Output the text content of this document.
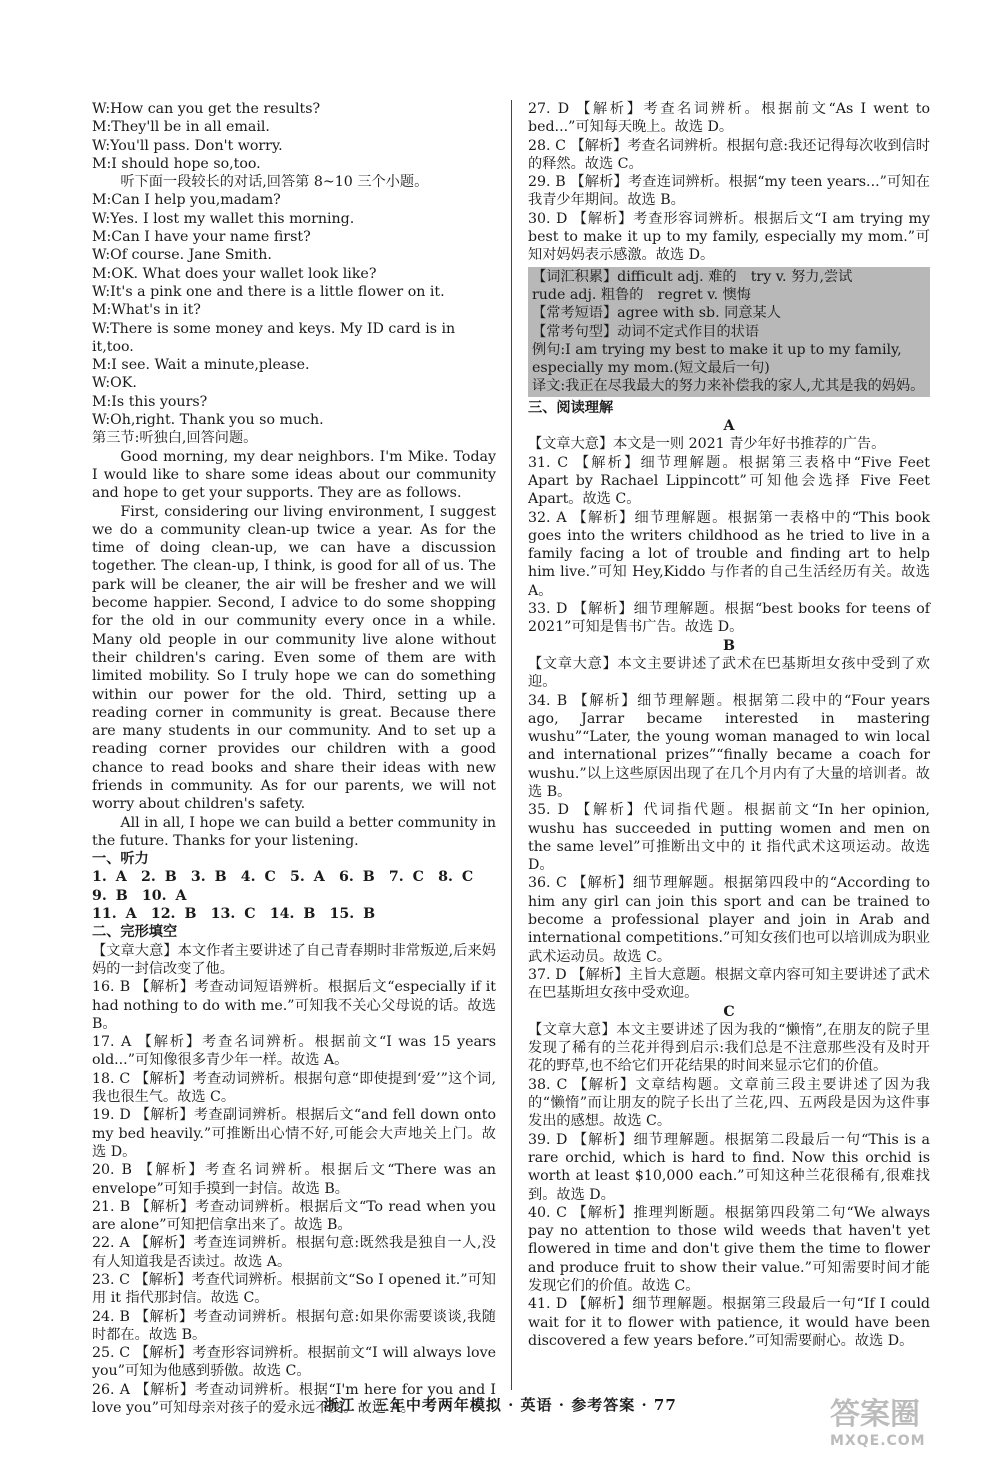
W:How can you get the results?

M:They'll be in all email.

W:You'll pass. Don't worry.

M:I should hope so,too.

听下面一段较长的对话,回答第 8~10 三个小题。

M:Can I help you,madam?

W:Yes. I lost my wallet this morning.

M:Can I have your name first?

W:Of course. Jane Smith.

M:OK. What does your wallet look like?

W:It's a pink one and there is a little flower on it.

M:What's in it?

W:There is some money and keys. My ID card is in it,too.

M:I see. Wait a minute,please.

W:OK.

M:Is this yours?

W:Oh,right. Thank you so much.

第三节:听独白,回答问题。

Good morning, my dear neighbors. I'm Mike. Today I would like to share some ideas about our community and hope to get your supports. They are as follows.

First, considering our living environment, I suggest we do a community clean-up twice a year. As for the time of doing clean-up, we can have a discussion together. The clean-up, I think, is good for all of us. The park will be cleaner, the air will be fresher and we will become happier. Second, I advice to do some shopping for the old in our community every once in a while. Many old people in our community live alone without their children's caring. Even some of them are with limited mobility. So I truly hope we can do something within our power for the old. Third, setting up a reading corner in community is great. Because there are many students in our community. And to set up a reading corner provides our children with a good chance to read books and share their ideas with new friends in community. As for our parents, we will not worry about children's safety.

All in all, I hope we can build a better community in the future. Thanks for your listening.

一、听力

1. A　2. B　3. B　4. C　5. A　6. B　7. C　8. C　9. B　10. A

11. A　12. B　13. C　14. B　15. B

二、完形填空

【文章大意】本文作者主要讲述了自己青春期时非常叛逆,后来妈妈的一封信改变了他。

16. B 【解析】考查动词短语辨析。根据后文“especially if it had nothing to do with me.”可知我不关心父母说的话。故选 B。

17. A 【解析】考查名词辨析。根据前文“I was 15 years old...”可知像很多青少年一样。故选 A。

18. C 【解析】考查动词辨析。根据句意“即使提到‘爱’”这个词,我也很生气。故选 C。

19. D 【解析】考查副词辨析。根据后文“and fell down onto my bed heavily.”可推断出心情不好,可能会大声地关上门。故选 D。

20. B 【解析】考查名词辨析。根据后文“There was an envelope”可知手摸到一封信。故选 B。

21. B 【解析】考查动词辨析。根据后文“To read when you are alone”可知把信拿出来了。故选 B。

22. A 【解析】考查连词辨析。根据句意:既然我是独自一人,没有人知道我是否读过。故选 A。

23. C 【解析】考查代词辨析。根据前文“So I opened it.”可知用 it 指代那封信。故选 C。

24. B 【解析】考查动词辨析。根据句意:如果你需要谈谈,我随时都在。故选 B。

25. C 【解析】考查形容词辨析。根据前文“I will always love you”可知为他感到骄傲。故选 C。

26. A 【解析】考查动词辨析。根据“I'm here for you and I love you”可知母亲对孩子的爱永远不变。故选 A。

27. D 【解析】考查名词辨析。根据前文“As I went to bed...”可知每天晚上。故选 D。

28. C 【解析】考查名词辨析。根据句意:我还记得每次收到信时的释然。故选 C。

29. B 【解析】考查连词辨析。根据“my teen years...”可知在我青少年期间。故选 B。

30. D 【解析】考查形容词辨析。根据后文“I am trying my best to make it up to my family, especially my mom.”可知对妈妈表示感激。故选 D。

【词汇积累】difficult adj. 难的　try v. 努力,尝试

rude adj. 粗鲁的　regret v. 懊悔

【常考短语】agree with sb. 同意某人

【常考句型】动词不定式作目的状语

例句:I am trying my best to make it up to my family, especially my mom.(短文最后一句)

译文:我正在尽我最大的努力来补偿我的家人,尤其是我的妈妈。

三、阅读理解

A

【文章大意】本文是一则 2021 青少年好书推荐的广告。

31. C 【解析】细节理解题。根据第三表格中“Five Feet Apart by Rachael Lippincott”可知他会选择 Five Feet Apart。故选 C。

32. A 【解析】细节理解题。根据第一表格中的“This book goes into the writers childhood as he tried to live in a family facing a lot of trouble and finding art to help him live.”可知 Hey,Kiddo 与作者的自己生活经历有关。故选 A。

33. D 【解析】细节理解题。根据“best books for teens of 2021”可知是售书广告。故选 D。

B

【文章大意】本文主要讲述了武术在巴基斯坦女孩中受到了欢迎。

34. B 【解析】细节理解题。根据第二段中的“Four years ago, Jarrar became interested in mastering wushu”“Later, the young woman managed to win local and international prizes”“finally became a coach for wushu.”以上这些原因出现了在几个月内有了大量的培训者。故选 B。

35. D 【解析】代词指代题。根据前文“In her opinion, wushu has succeeded in putting women and men on the same level”可推断出文中的 it 指代武术这项运动。故选 D。

36. C 【解析】细节理解题。根据第四段中的“According to him any girl can join this sport and can be trained to become a professional player and join in Arab and international competitions.”可知女孩们也可以培训成为职业武术运动员。故选 C。

37. D 【解析】主旨大意题。根据文章内容可知主要讲述了武术在巴基斯坦女孩中受欢迎。

C

【文章大意】本文主要讲述了因为我的“懒惰”,在朋友的院子里发现了稀有的兰花并得到启示:我们总是不注意那些没有及时开花的野草,也不给它们开花结果的时间来显示它们的价值。

38. C 【解析】文章结构题。文章前三段主要讲述了因为我的“懒惰”而让朋友的院子长出了兰花,四、五两段是因为这件事发出的感想。故选 C。

39. D 【解析】细节理解题。根据第二段最后一句“This is a rare orchid, which is hard to find. Now this orchid is worth at least $10,000 each.”可知这种兰花很稀有,很难找到。故选 D。

40. C 【解析】推理判断题。根据第四段第二句“We always pay no attention to those wild weeds that haven't yet flowered in time and don't give them the time to flower and produce fruit to show their value.”可知需要时间才能发现它们的价值。故选 C。

41. D 【解析】细节理解题。根据第三段最后一句“If I could wait for it to flower with patience, it would have been discovered a few years before.”可知需要耐心。故选 D。

浙江 · 三年中考两年模拟 · 英语 · 参考答案 · 77	答案圈
MXQE.COM
